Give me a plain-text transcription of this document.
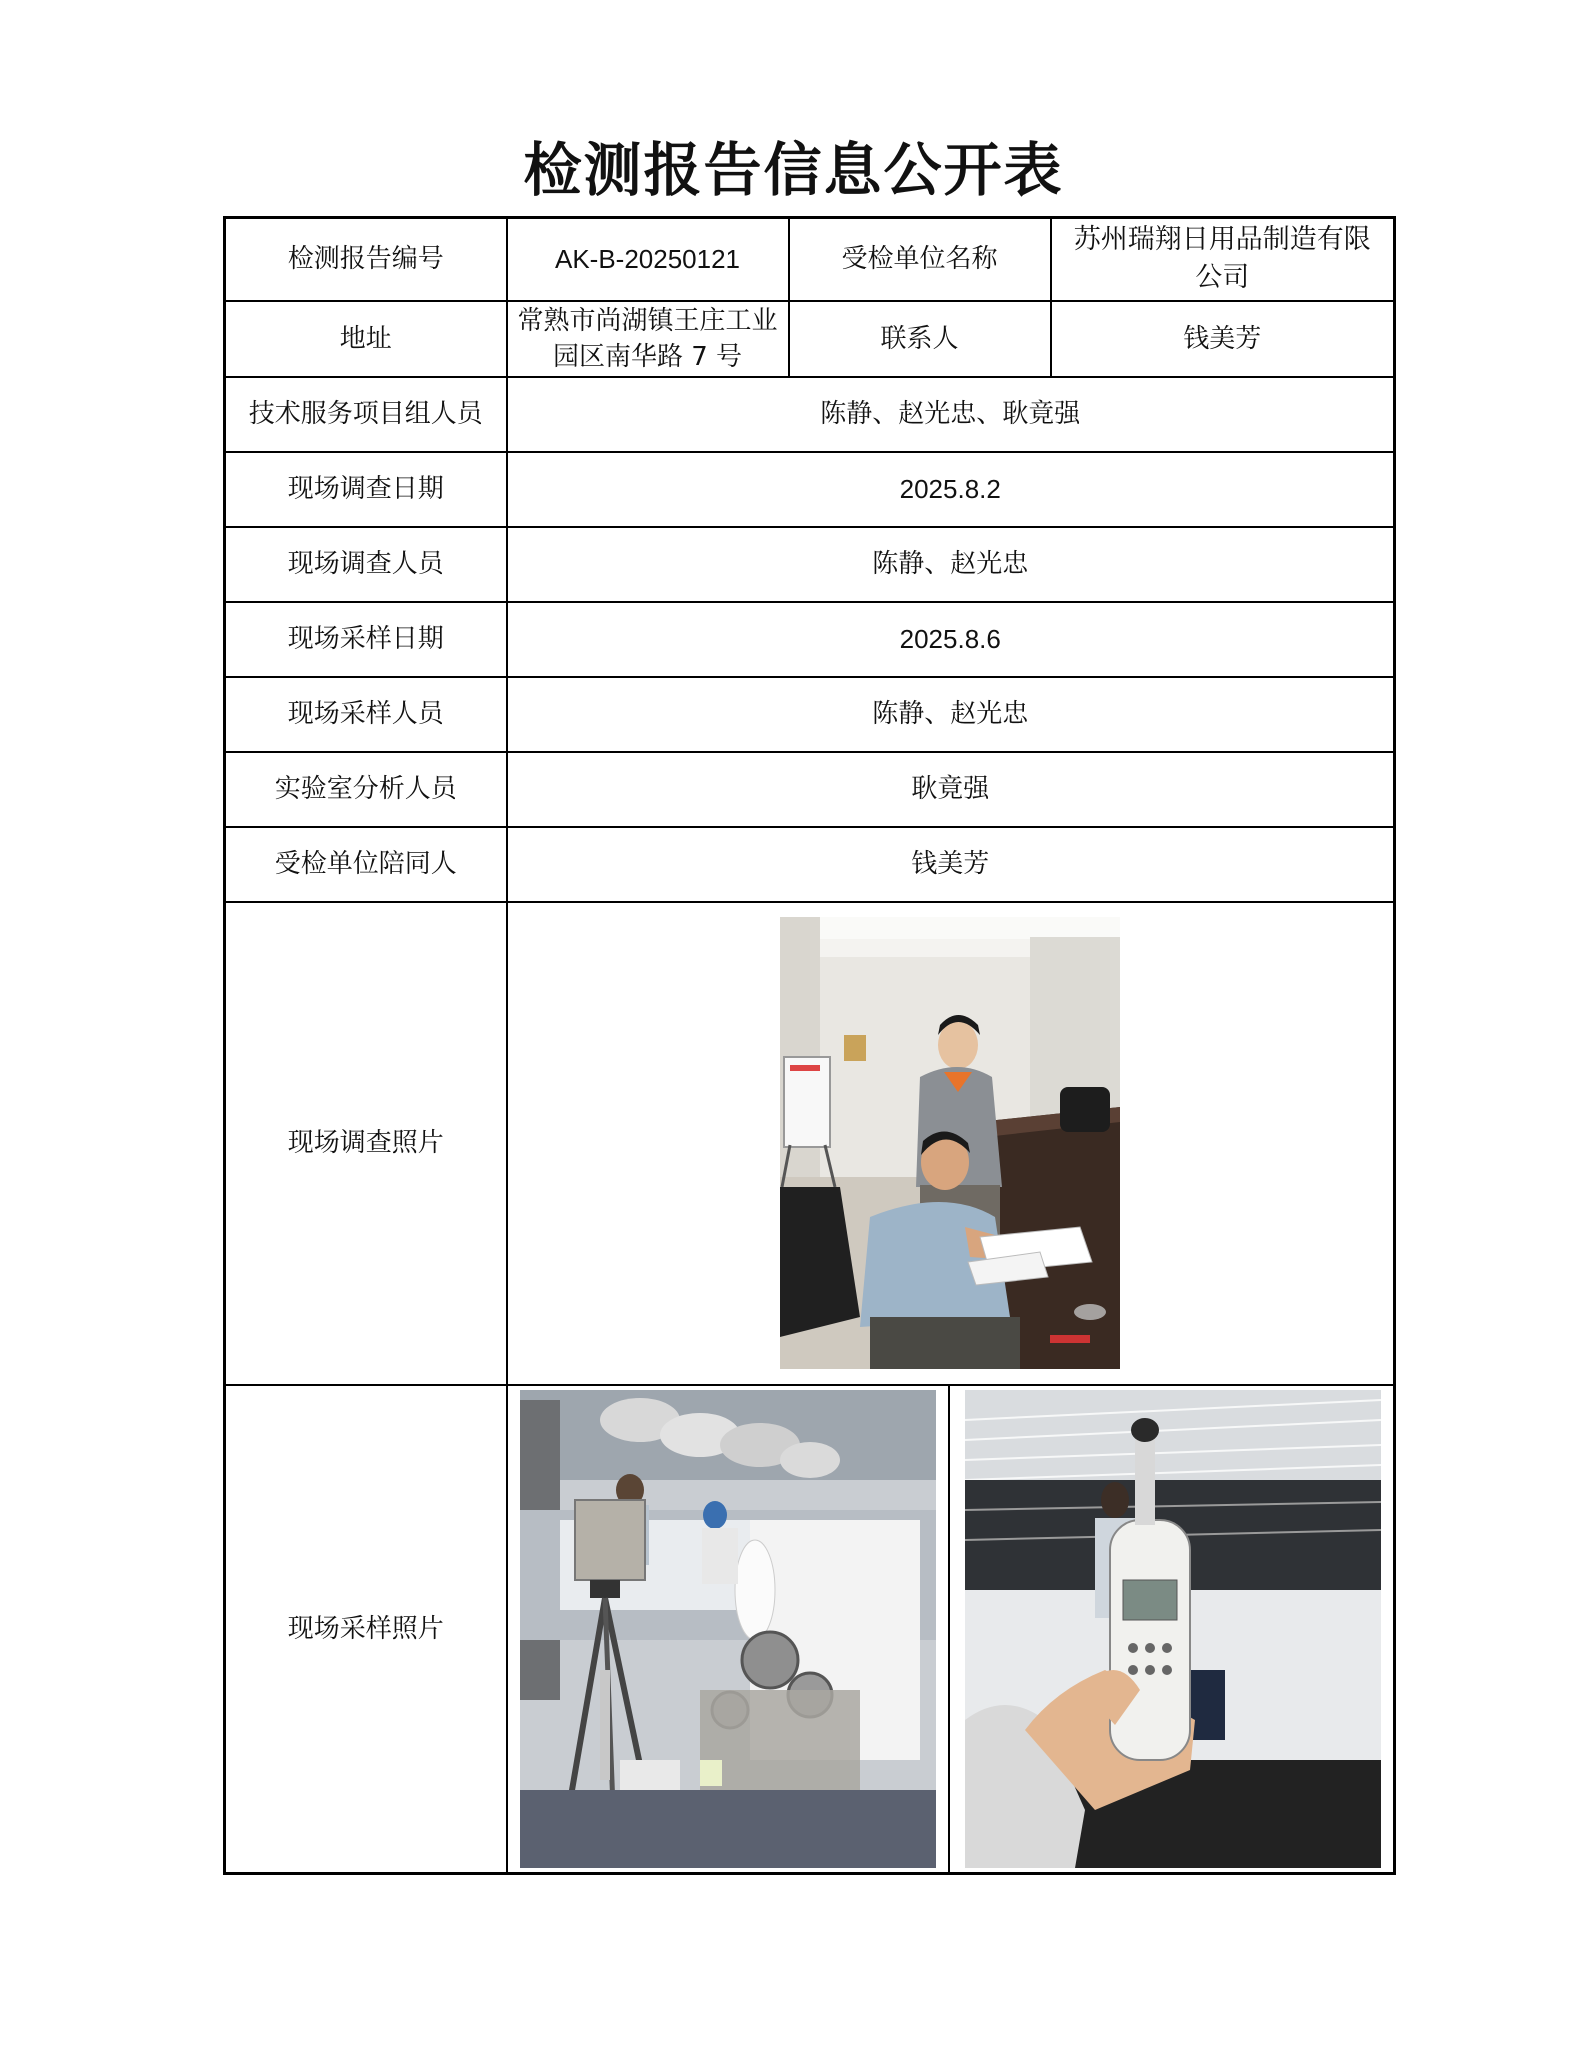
检测报告信息公开表
检测报告编号	AK-B-20250121	受检单位名称	苏州瑞翔日用品制造有限公司
地址	常熟市尚湖镇王庄工业园区南华路 7 号	联系人	钱美芳
技术服务项目组人员	陈静、赵光忠、耿竟强		
现场调查日期	2025.8.2		
现场调查人员	陈静、赵光忠		
现场采样日期	2025.8.6		
现场采样人员	陈静、赵光忠		
实验室分析人员	耿竟强		
受检单位陪同人	钱美芳		
现场调查照片	

现场采样照片	
